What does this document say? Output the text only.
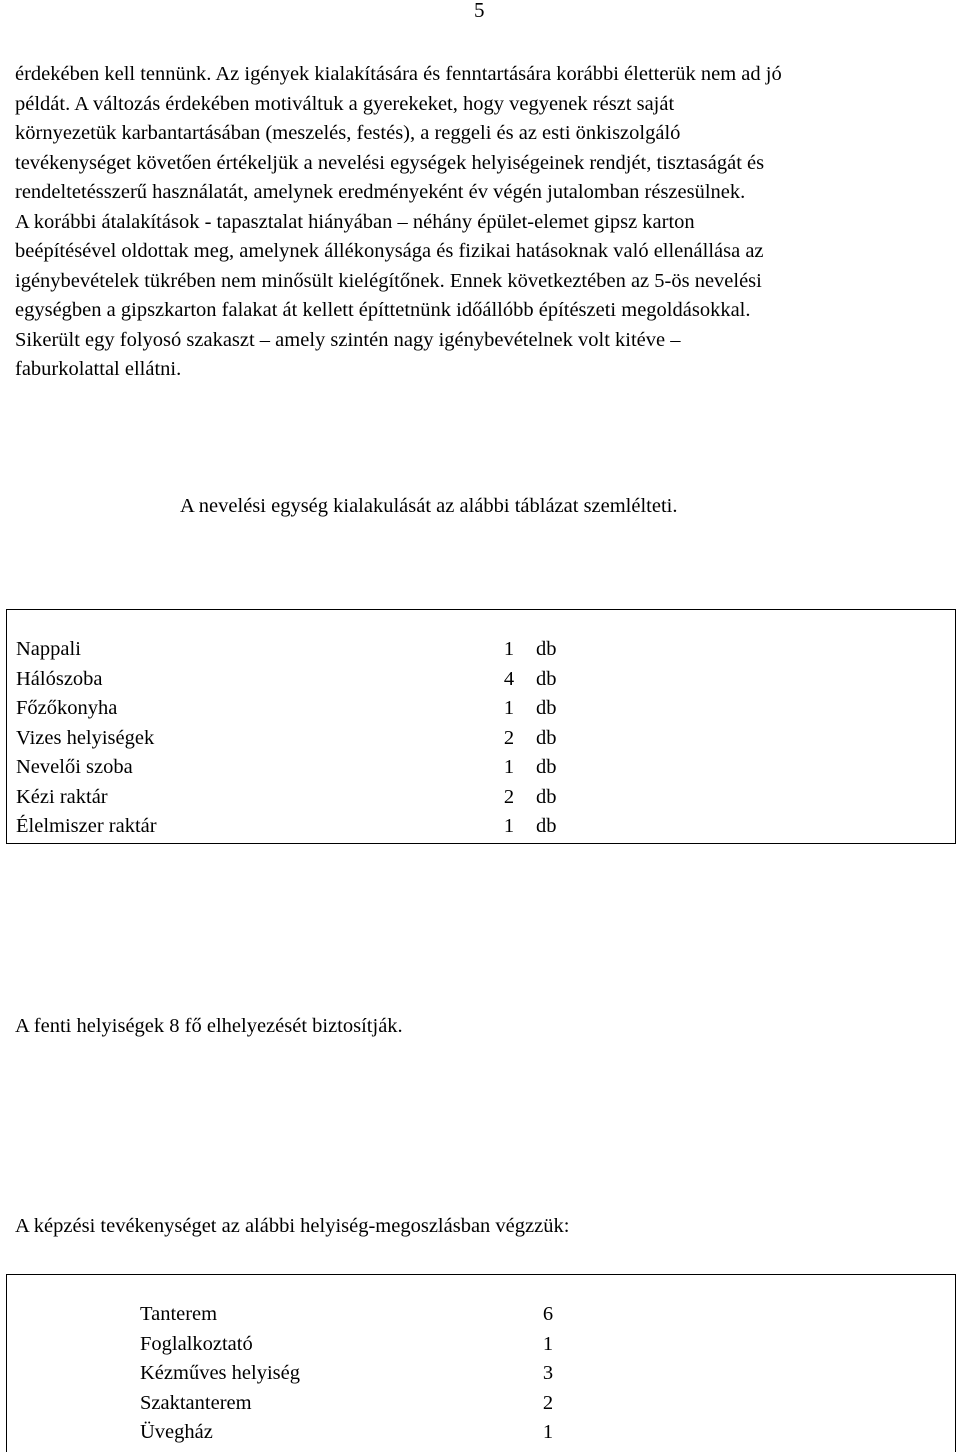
5
érdekében kell tennünk. Az igények kialakítására és fenntartására korábbi életterük nem ad jó
példát. A változás érdekében motiváltuk a gyerekeket, hogy vegyenek részt saját
környezetük karbantartásában (meszelés, festés), a reggeli és az esti önkiszolgáló
tevékenységet követően értékeljük a nevelési egységek helyiségeinek rendjét, tisztaságát és
rendeltetésszerű használatát, amelynek eredményeként év végén jutalomban részesülnek.
A korábbi átalakítások - tapasztalat hiányában – néhány épület-elemet gipsz karton
beépítésével oldottak meg, amelynek állékonysága és fizikai hatásoknak való ellenállása az
igénybevételek tükrében nem minősült kielégítőnek. Ennek következtében az 5-ös nevelési
egységben a gipszkarton falakat át kellett építtetnünk időállóbb építészeti megoldásokkal.
Sikerült egy folyosó szakaszt – amely szintén nagy igénybevételnek volt kitéve –
faburkolattal ellátni.
A nevelési egység kialakulását az alábbi táblázat szemlélteti.
Nappali	1 db
Hálószoba	4 db
Főzőkonyha	1 db
Vizes helyiségek	2 db
Nevelői szoba	1 db
Kézi raktár	2 db
Élelmiszer raktár	1 db
A fenti helyiségek 8 fő elhelyezését biztosítják.
A képzési tevékenységet az alábbi helyiség-megoszlásban végzzük:
Tanterem	6
Foglalkoztató	1
Kézműves helyiség	3
Szaktanterem	2
Üvegház	1
